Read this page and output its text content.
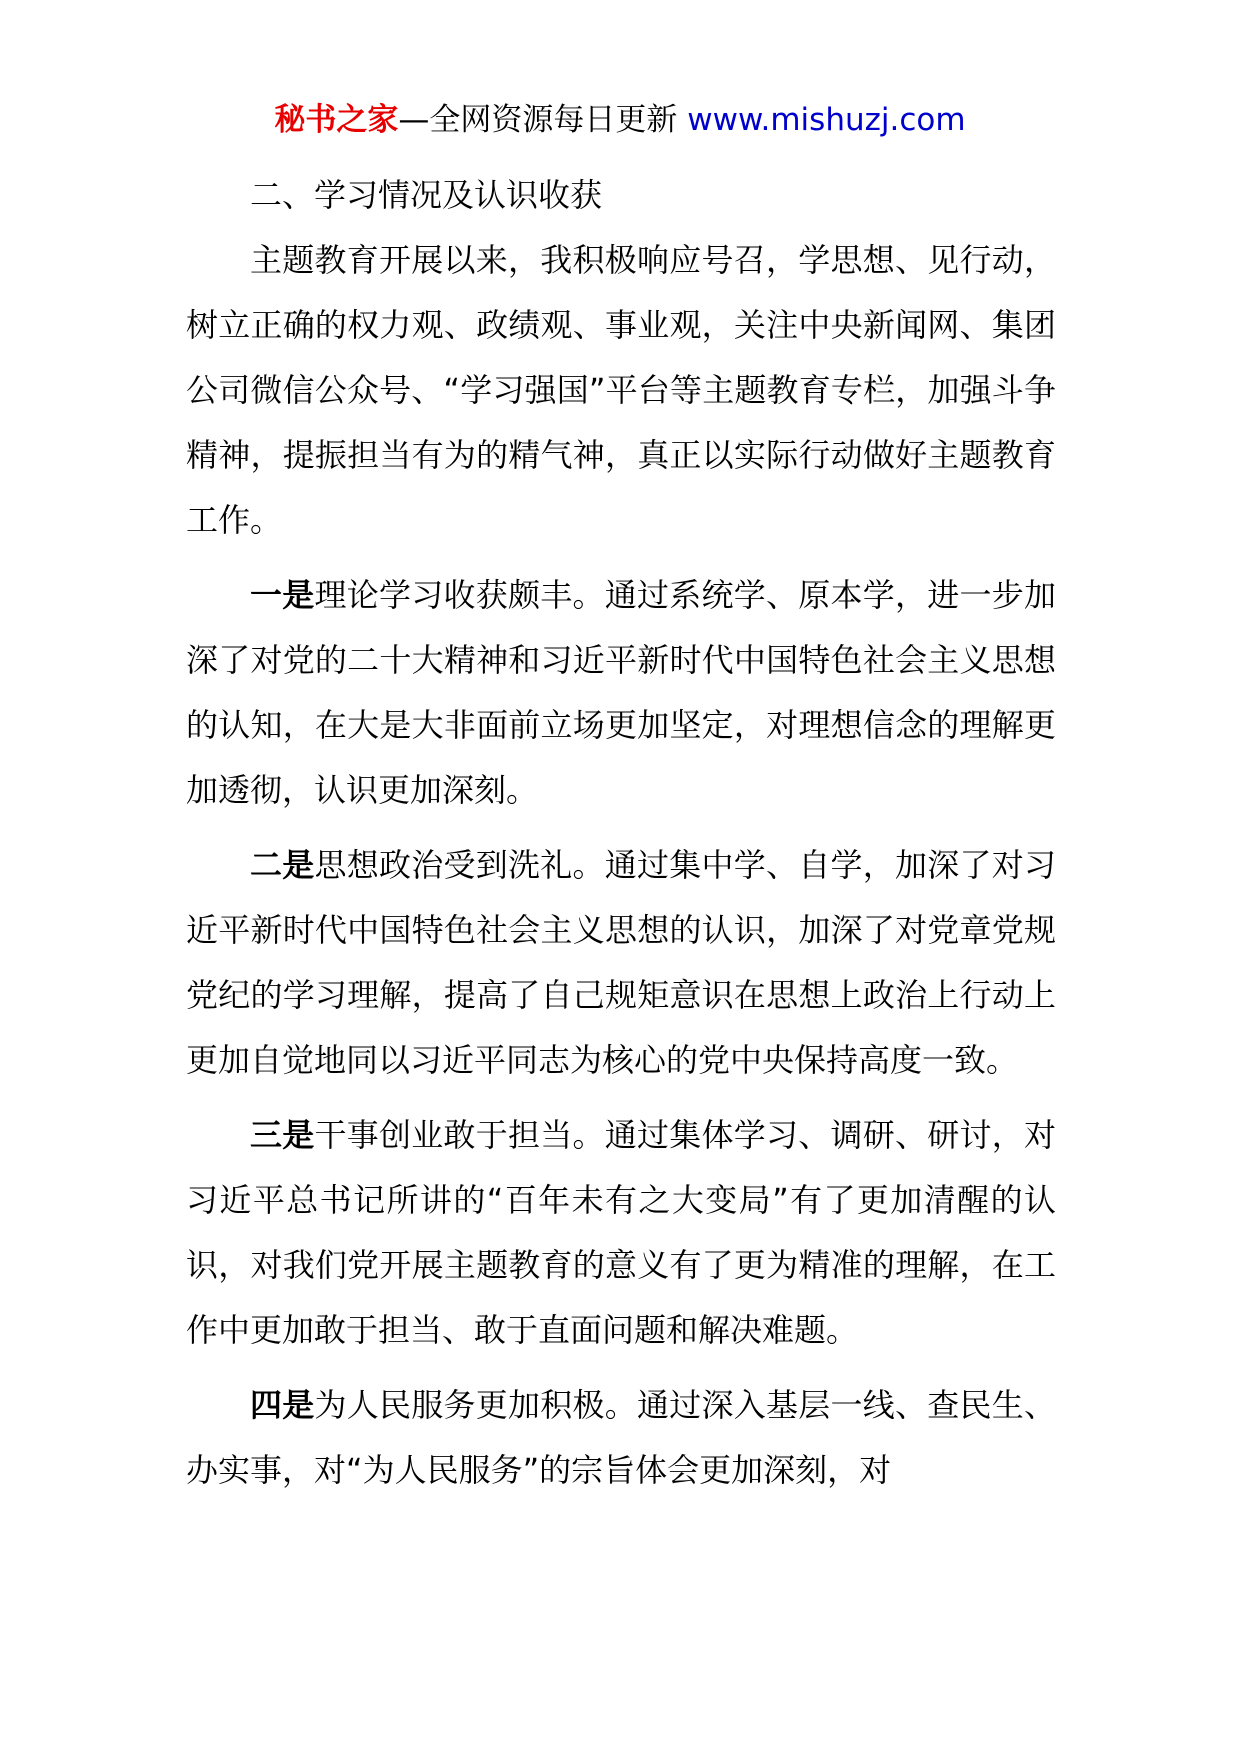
秘书之家—全网资源每日更新 www.mishuzj.com

二、学习情况及认识收获

主题教育开展以来，我积极响应号召，学思想、见行动，树立正确的权力观、政绩观、事业观，关注中央新闻网、集团公司微信公众号、“学习强国”平台等主题教育专栏，加强斗争精神，提振担当有为的精气神，真正以实际行动做好主题教育工作。

一是理论学习收获颇丰。通过系统学、原本学，进一步加深了对党的二十大精神和习近平新时代中国特色社会主义思想的认知，在大是大非面前立场更加坚定，对理想信念的理解更加透彻，认识更加深刻。

二是思想政治受到洗礼。通过集中学、自学，加深了对习近平新时代中国特色社会主义思想的认识，加深了对党章党规党纪的学习理解，提高了自己规矩意识在思想上政治上行动上更加自觉地同以习近平同志为核心的党中央保持高度一致。

三是干事创业敢于担当。通过集体学习、调研、研讨，对习近平总书记所讲的“百年未有之大变局”有了更加清醒的认识，对我们党开展主题教育的意义有了更为精准的理解，在工作中更加敢于担当、敢于直面问题和解决难题。

四是为人民服务更加积极。通过深入基层一线、查民生、办实事，对“为人民服务”的宗旨体会更加深刻，对
